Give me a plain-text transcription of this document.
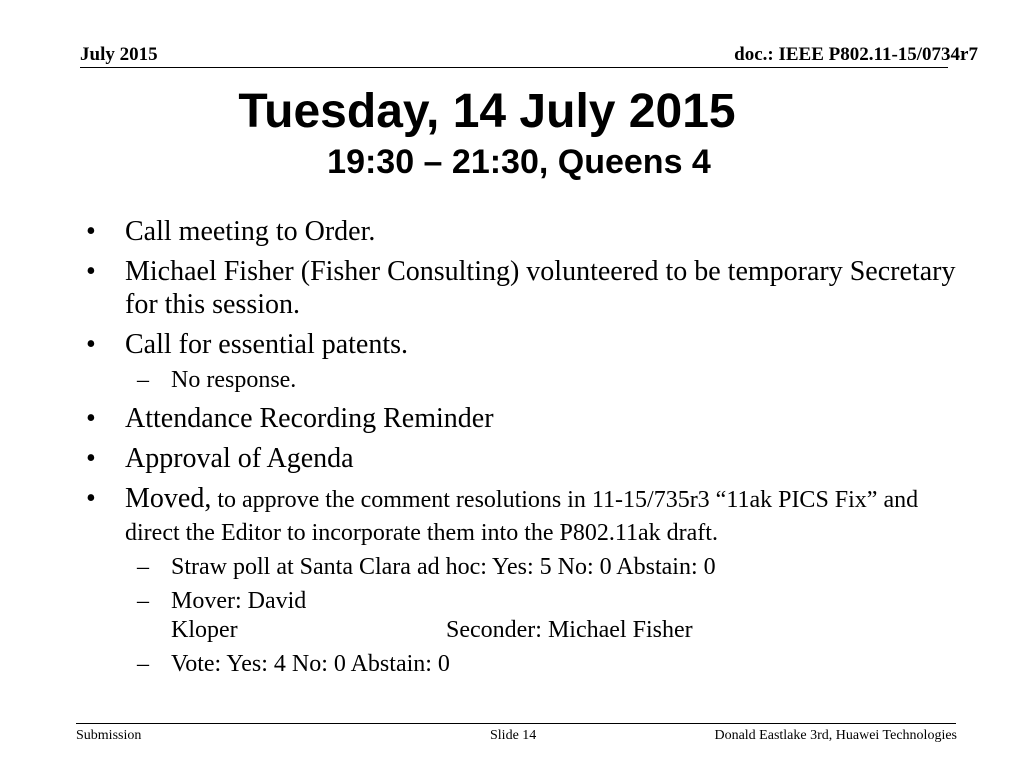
July 2015	doc.: IEEE P802.11-15/0734r7
Tuesday, 14 July 2015
19:30 – 21:30, Queens 4
• Call meeting to Order.
• Michael Fisher (Fisher Consulting) volunteered to be temporary Secretary for this session.
• Call for essential patents.
– No response.
• Attendance Recording Reminder
• Approval of Agenda
• Moved, to approve the comment resolutions in 11-15/735r3 “11ak PICS Fix” and direct the Editor to incorporate them into the P802.11ak draft.
– Straw poll at Santa Clara ad hoc: Yes: 5 No: 0 Abstain: 0
– Mover: David Kloper	Seconder: Michael Fisher
– Vote: Yes: 4 No: 0 Abstain: 0
Submission	Slide 14	Donald Eastlake 3rd, Huawei Technologies
